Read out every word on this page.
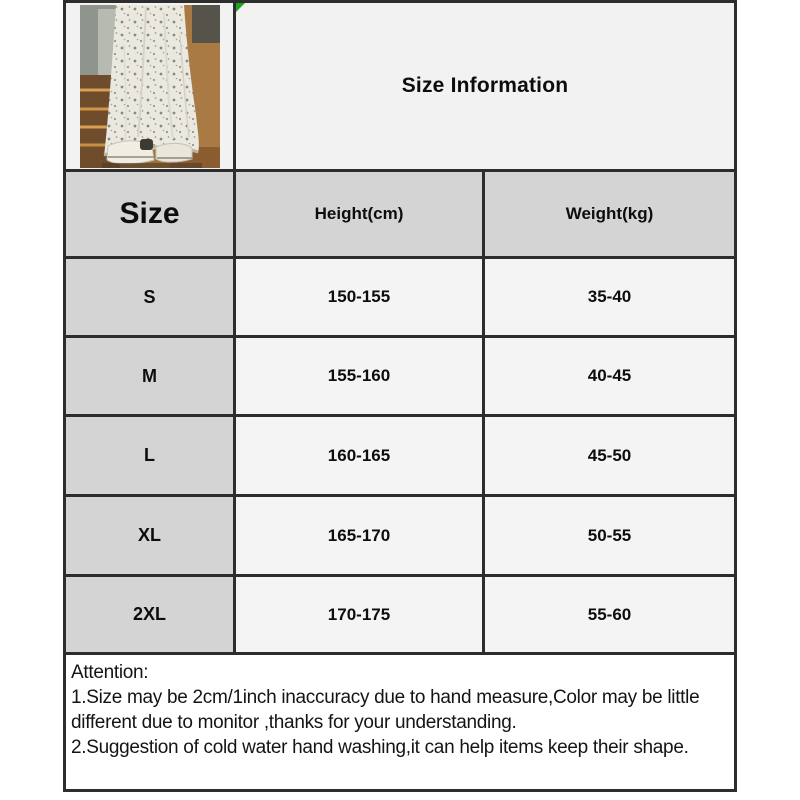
Size Information
Size	Height(cm)	Weight(kg)
S	150-155	35-40
M	155-160	40-45
L	160-165	45-50
XL	165-170	50-55
2XL	170-175	55-60

Attention:

1.Size may be 2cm/1inch inaccuracy due to hand measure,Color may be little different due to monitor ,thanks for your understanding.

2.Suggestion of cold water hand washing,it can help items keep their shape.
